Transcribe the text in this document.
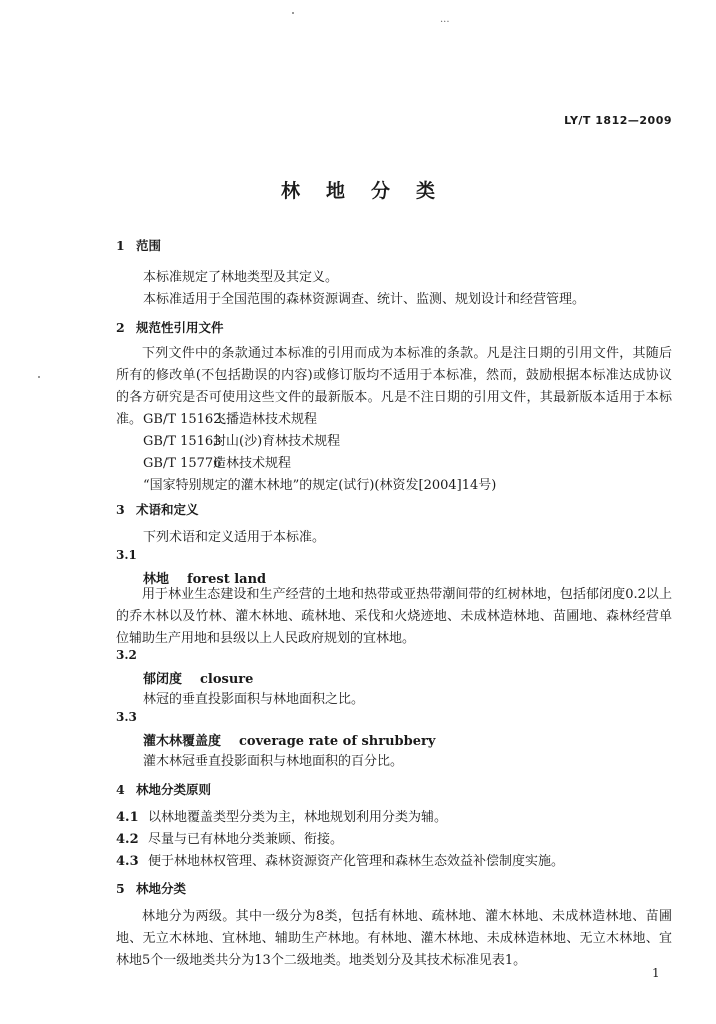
...
LY/T 1812—2009
林地分类
1 范围
本标准规定了林地类型及其定义。
本标准适用于全国范围的森林资源调查、统计、监测、规划设计和经营管理。
2 规范性引用文件
下列文件中的条款通过本标准的引用而成为本标准的条款。凡是注日期的引用文件，其随后所有的修改单(不包括勘误的内容)或修订版均不适用于本标准，然而，鼓励根据本标准达成协议的各方研究是否可使用这些文件的最新版本。凡是不注日期的引用文件，其最新版本适用于本标准。 GB/T 15162飞播造林技术规程
GB/T 15163封山(沙)育林技术规程
GB/T 15776造林技术规程
“国家特别规定的灌木林地”的规定(试行)(林资发[2004]14号)
3 术语和定义
下列术语和定义适用于本标准。
3.1
林地 forest land
用于林业生态建设和生产经营的土地和热带或亚热带潮间带的红树林地，包括郁闭度0.2以上的乔木林以及竹林、灌木林地、疏林地、采伐和火烧迹地、未成林造林地、苗圃地、森林经营单位辅助生产用地和县级以上人民政府规划的宜林地。
3.2
郁闭度 closure
林冠的垂直投影面积与林地面积之比。
3.3
灌木林覆盖度 coverage rate of shrubbery
灌木林冠垂直投影面积与林地面积的百分比。
4 林地分类原则
4.1 以林地覆盖类型分类为主，林地规划利用分类为辅。
4.2 尽量与已有林地分类兼顾、衔接。
4.3 便于林地林权管理、森林资源资产化管理和森林生态效益补偿制度实施。
5 林地分类
林地分为两级。其中一级分为8类，包括有林地、疏林地、灌木林地、未成林造林地、苗圃地、无立木林地、宜林地、辅助生产林地。有林地、灌木林地、未成林造林地、无立木林地、宜林地5个一级地类共分为13个二级地类。地类划分及其技术标准见表1。
1
